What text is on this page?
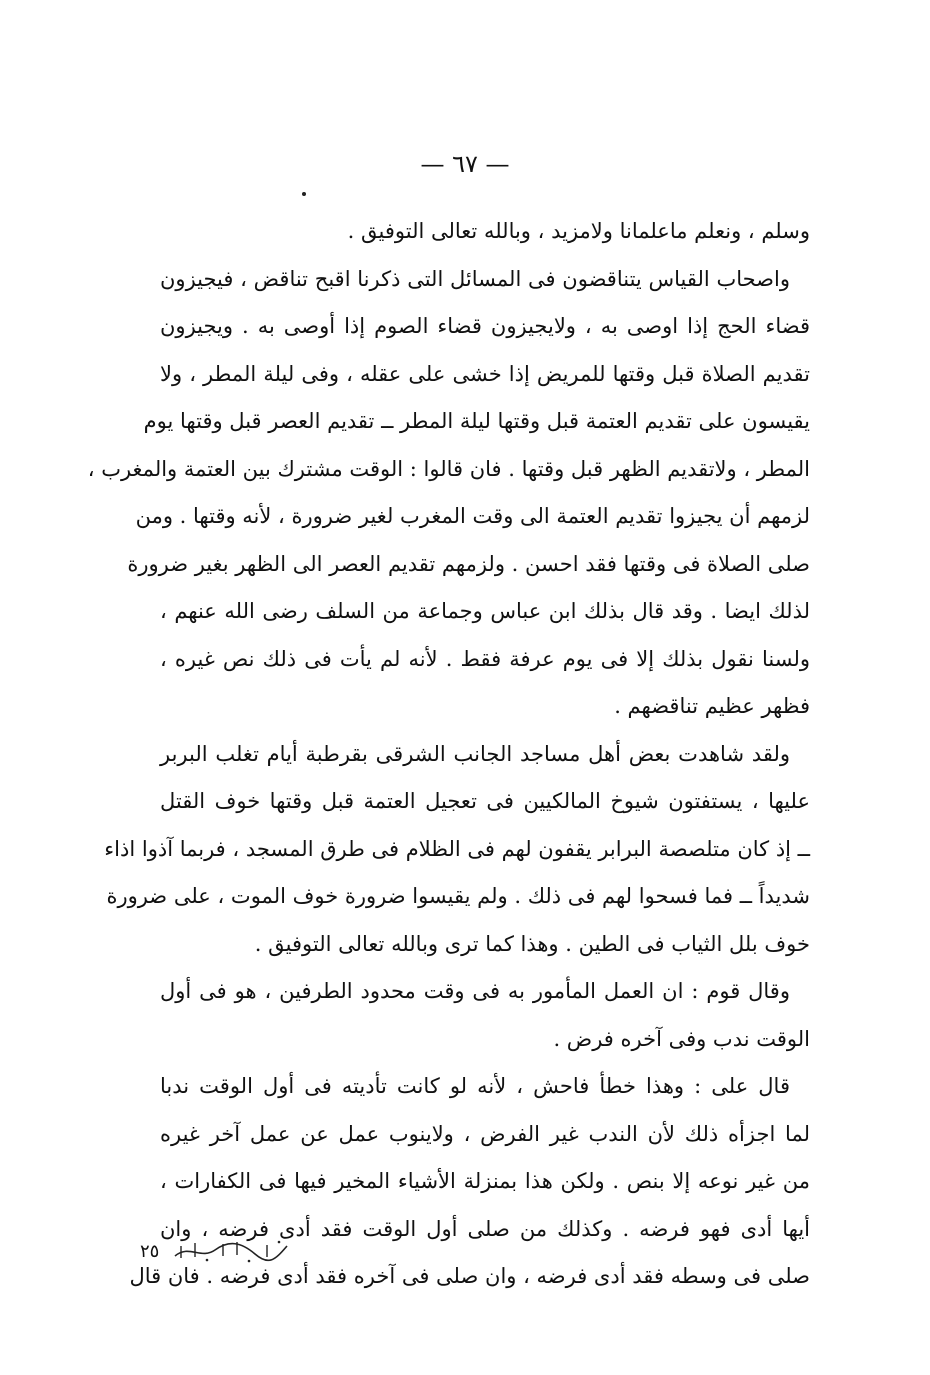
— ٦٧ —
وسلم ، ونعلم ماعلمانا ولامزيد ، وبالله تعالى التوفيق .
واصحاب القياس يتناقضون فى المسائل التى ذكرنا اقبح تناقض ، فيجيزون
قضاء الحج إذا اوصى به ، ولايجيزون قضاء الصوم إذا أوصى به . ويجيزون
تقديم الصلاة قبل وقتها للمريض إذا خشى على عقله ، وفى ليلة المطر ، ولا
يقيسون على تقديم العتمة قبل وقتها ليلة المطر ــ تقديم العصر قبل وقتها يوم
المطر ، ولاتقديم الظهر قبل وقتها . فان قالوا : الوقت مشترك بين العتمة والمغرب ،
لزمهم أن يجيزوا تقديم العتمة الى وقت المغرب لغير ضرورة ، لأنه وقتها . ومن
صلى الصلاة فى وقتها فقد احسن . ولزمهم تقديم العصر الى الظهر بغير ضرورة
لذلك ايضا . وقد قال بذلك ابن عباس وجماعة من السلف رضى الله عنهم ،
ولسنا نقول بذلك إلا فى يوم عرفة فقط . لأنه لم يأت فى ذلك نص غيره ،
فظهر عظيم تناقضهم .
ولقد شاهدت بعض أهل مساجد الجانب الشرقى بقرطبة أيام تغلب البربر
عليها ، يستفتون شيوخ المالكيين فى تعجيل العتمة قبل وقتها خوف القتل
ــ إذ كان متلصصة البرابر يقفون لهم فى الظلام فى طرق المسجد ، فربما آذوا اذاء
شديداً ــ فما فسحوا لهم فى ذلك . ولم يقيسوا ضرورة خوف الموت ، على ضرورة
خوف بلل الثياب فى الطين . وهذا كما ترى وبالله تعالى التوفيق .
وقال قوم : ان العمل المأمور به فى وقت محدود الطرفين ، هو فى أول
الوقت ندب وفى آخره فرض .
قال على : وهذا خطأ فاحش ، لأنه لو كانت تأديته فى أول الوقت ندبا
لما اجزأه ذلك لأن الندب غير الفرض ، ولاينوب عمل عن عمل آخر غيره
من غير نوعه إلا بنص . ولكن هذا بمنزلة الأشياء المخير فيها فى الكفارات ،
أيها أدى فهو فرضه . وكذلك من صلى أول الوقت فقد أدى فرضه ، وان
صلى فى وسطه فقد أدى فرضه ، وان صلى فى آخره فقد أدى فرضه . فان قال
٢٥
